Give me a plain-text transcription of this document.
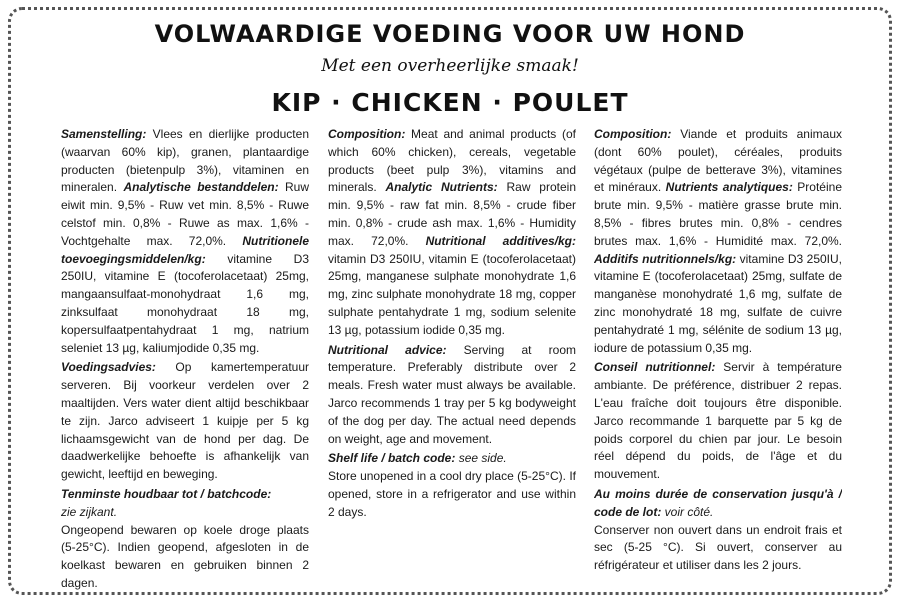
VOLWAARDIGE VOEDING VOOR UW HOND
Met een overheerlijke smaak!
KIP · CHICKEN · POULET

Samenstelling: Vlees en dierlijke producten (waarvan 60% kip), granen, plantaardige producten (bietenpulp 3%), vitaminen en mineralen. Analytische bestanddelen: Ruw eiwit min. 9,5% - Ruw vet min. 8,5% - Ruwe celstof min. 0,8% - Ruwe as max. 1,6% - Vochtgehalte max. 72,0%. Nutritionele toevoegingsmiddelen/kg: vitamine D3 250IU, vitamine E (tocoferolacetaat) 25mg, mangaansulfaat-monohydraat 1,6 mg, zinksulfaat monohydraat 18 mg, kopersulfaatpentahydraat 1 mg, natrium seleniet 13 µg, kaliumjodide 0,35 mg.

Voedingsadvies: Op kamertemperatuur serveren. Bij voorkeur verdelen over 2 maaltijden. Vers water dient altijd beschikbaar te zijn. Jarco adviseert 1 kuipje per 5 kg lichaamsgewicht van de hond per dag. De daadwerkelijke behoefte is afhankelijk van gewicht, leeftijd en beweging.

Tenminste houdbaar tot / batchcode:
zie zijkant.
Ongeopend bewaren op koele droge plaats (5-25°C). Indien geopend, afgesloten in de koelkast bewaren en gebruiken binnen 2 dagen.

Composition: Meat and animal products (of which 60% chicken), cereals, vegetable products (beet pulp 3%), vitamins and minerals. Analytic Nutrients: Raw protein min. 9,5% - raw fat min. 8,5% - crude fiber min. 0,8% - crude ash max. 1,6% - Humidity max. 72,0%. Nutritional additives/kg: vitamin D3 250IU, vitamin E (tocoferolacetaat) 25mg, manganese sulphate monohydrate 1,6 mg, zinc sulphate monohydrate 18 mg, copper sulphate pentahydrate 1 mg, sodium selenite 13 µg, potassium iodide 0,35 mg.

Nutritional advice: Serving at room temperature. Preferably distribute over 2 meals. Fresh water must always be available. Jarco recommends 1 tray per 5 kg bodyweight of the dog per day. The actual need depends on weight, age and movement.

Shelf life / batch code: see side.
Store unopened in a cool dry place (5-25°C). If opened, store in a refrigerator and use within 2 days.

Composition: Viande et produits animaux (dont 60% poulet), céréales, produits végétaux (pulpe de betterave 3%), vitamines et minéraux. Nutrients analytiques: Protéine brute min. 9,5% - matière grasse brute min. 8,5% - fibres brutes min. 0,8% - cendres brutes max. 1,6% - Humidité max. 72,0%. Additifs nutritionnels/kg: vitamine D3 250IU, vitamine E (tocoferolacetaat) 25mg, sulfate de manganèse monohydraté 1,6 mg, sulfate de zinc monohydraté 18 mg, sulfate de cuivre pentahydraté 1 mg, sélénite de sodium 13 µg, iodure de potassium 0,35 mg.

Conseil nutritionnel: Servir à température ambiante. De préférence, distribuer 2 repas. L'eau fraîche doit toujours être disponible. Jarco recommande 1 barquette par 5 kg de poids corporel du chien par jour. Le besoin réel dépend du poids, de l'âge et du mouvement.

Au moins durée de conservation jusqu'à / code de lot: voir côté.
Conserver non ouvert dans un endroit frais et sec (5-25 °C). Si ouvert, conserver au réfrigérateur et utiliser dans les 2 jours.
